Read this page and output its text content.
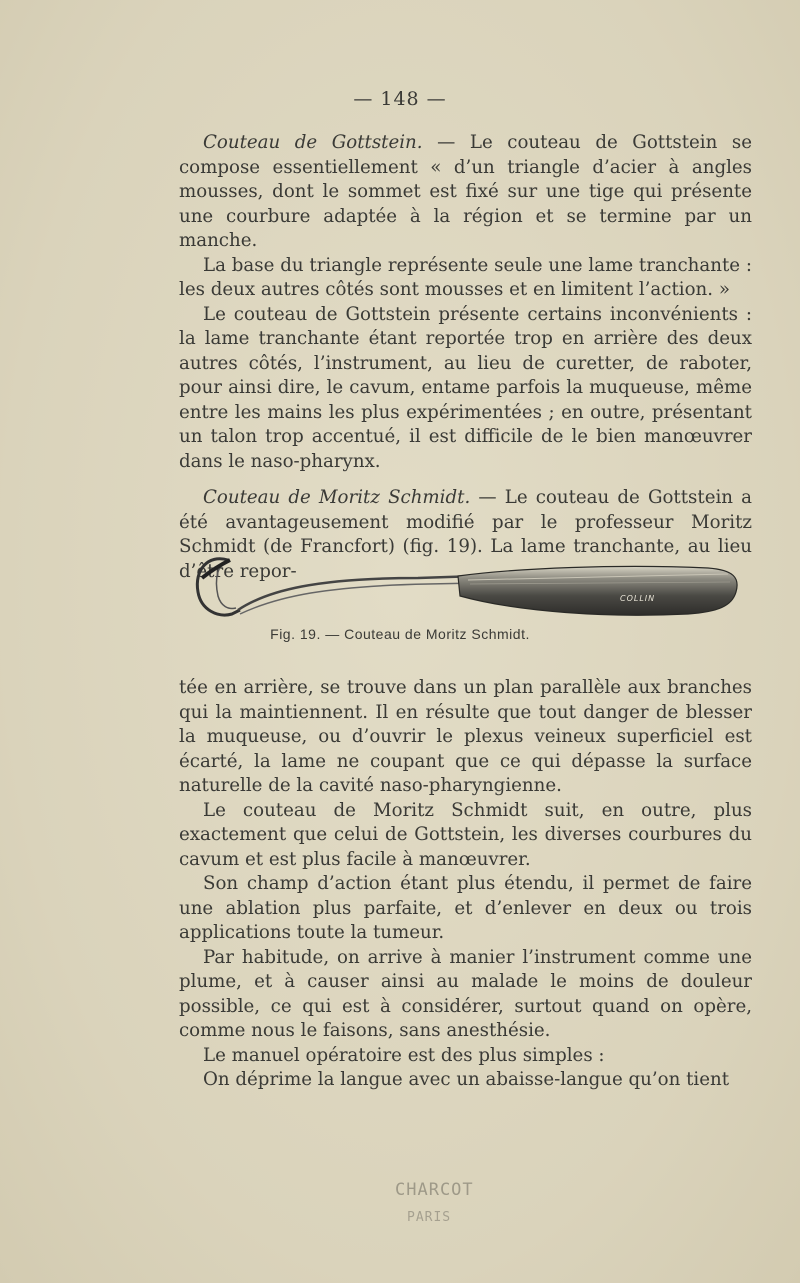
— 148 —

Couteau de Gottstein. — Le couteau de Gottstein se compose essentiellement « d’un triangle d’acier à angles mousses, dont le sommet est fixé sur une tige qui présente une courbure adaptée à la région et se termine par un manche.

La base du triangle représente seule une lame tranchante : les deux autres côtés sont mousses et en limitent l’action. »

Le couteau de Gottstein présente certains inconvénients : la lame tranchante étant reportée trop en arrière des deux autres côtés, l’instrument, au lieu de curetter, de raboter, pour ainsi dire, le cavum, entame parfois la muqueuse, même entre les mains les plus expérimentées ; en outre, présentant un talon trop accentué, il est difficile de le bien manœuvrer dans le naso-pharynx.

Couteau de Moritz Schmidt. — Le couteau de Gottstein a été avantageusement modifié par le professeur Moritz Schmidt (de Francfort) (fig. 19). La lame tranchante, au lieu d’être repor-

COLLIN
Fig. 19. — Couteau de Moritz Schmidt.

tée en arrière, se trouve dans un plan parallèle aux branches qui la maintiennent. Il en résulte que tout danger de blesser la muqueuse, ou d’ouvrir le plexus veineux superficiel est écarté, la lame ne coupant que ce qui dépasse la surface naturelle de la cavité naso-pharyngienne.

Le couteau de Moritz Schmidt suit, en outre, plus exactement que celui de Gottstein, les diverses courbures du cavum et est plus facile à manœuvrer.

Son champ d’action étant plus étendu, il permet de faire une ablation plus parfaite, et d’enlever en deux ou trois applications toute la tumeur.

Par habitude, on arrive à manier l’instrument comme une plume, et à causer ainsi au malade le moins de douleur possible, ce qui est à considérer, surtout quand on opère, comme nous le faisons, sans anesthésie.

Le manuel opératoire est des plus simples :

On déprime la langue avec un abaisse-langue qu’on tient

CHARCOT
PARIS
